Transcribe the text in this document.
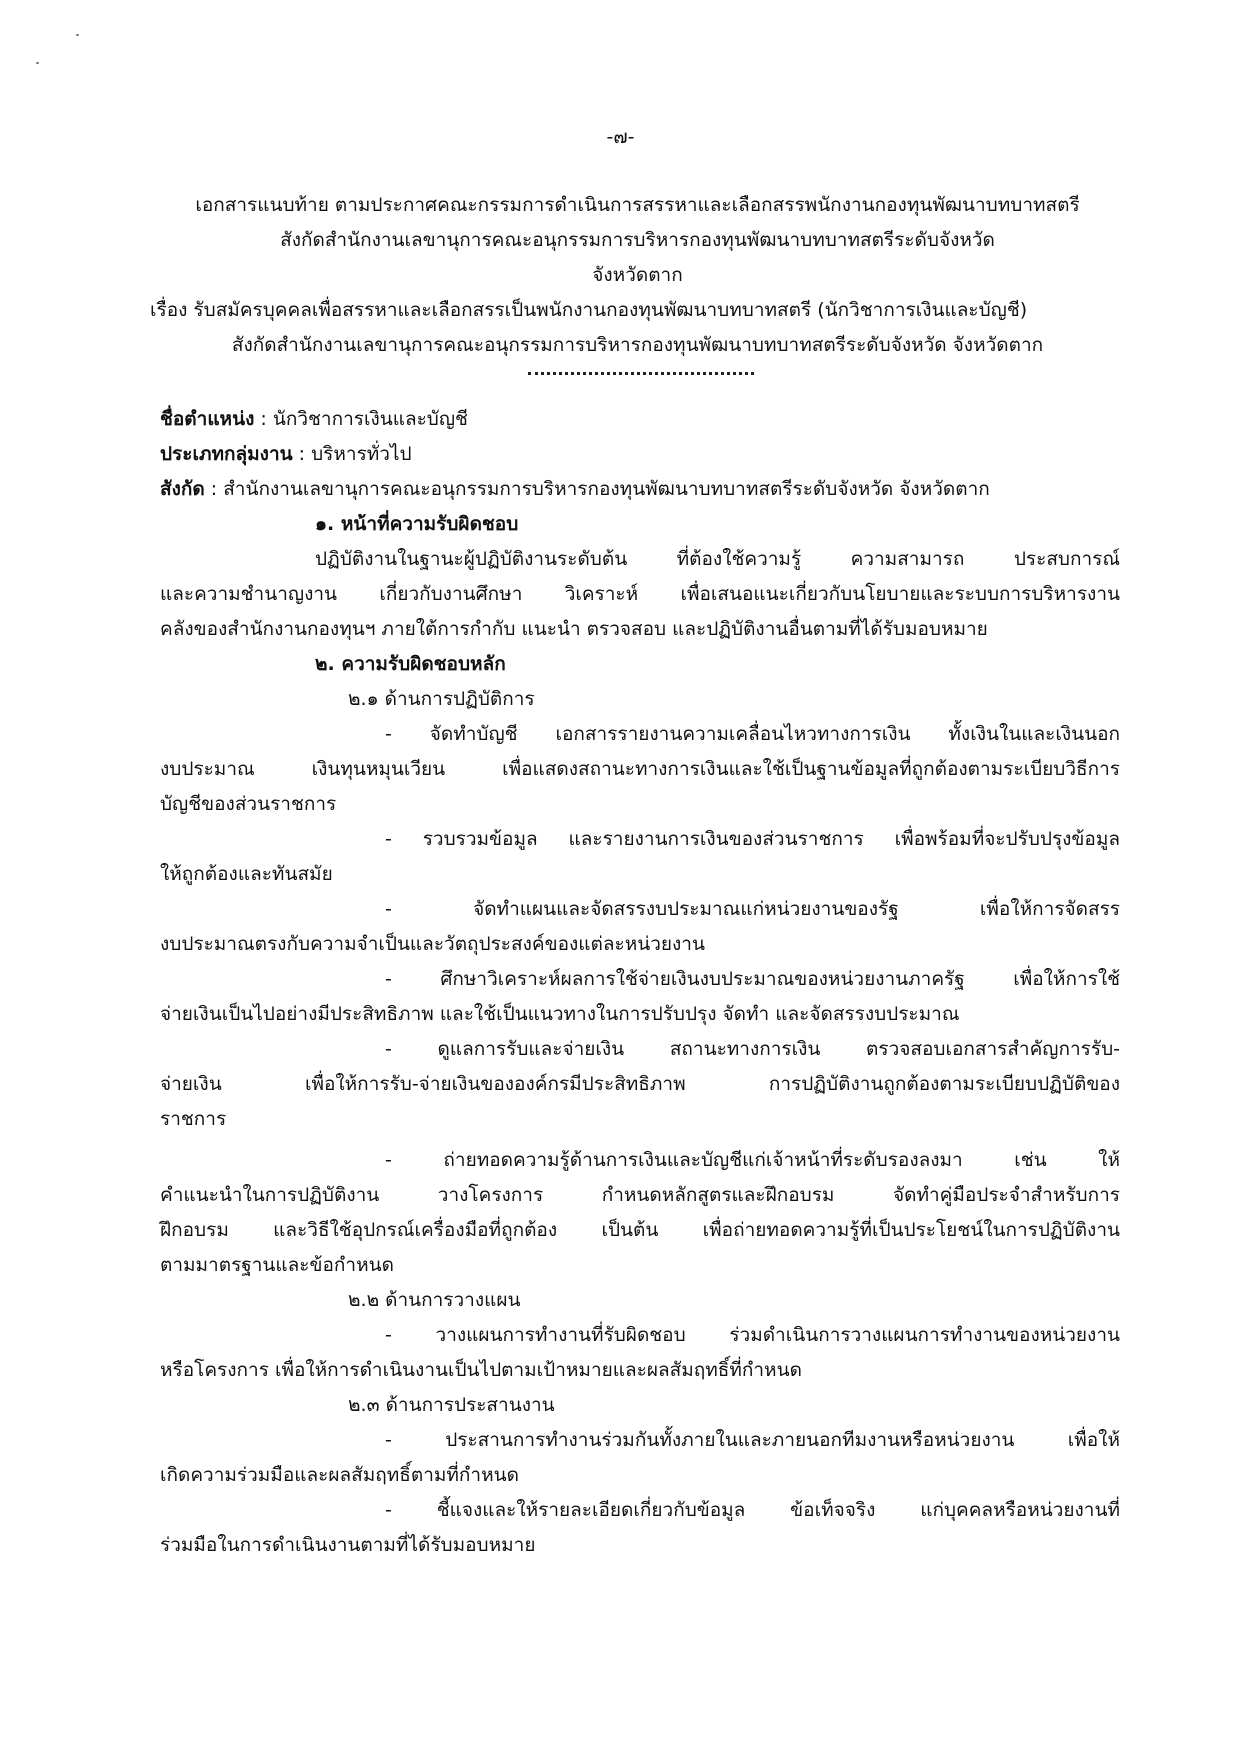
-๗-
เอกสารแนบท้าย ตามประกาศคณะกรรมการดำเนินการสรรหาและเลือกสรรพนักงานกองทุนพัฒนาบทบาทสตรี
สังกัดสำนักงานเลขานุการคณะอนุกรรมการบริหารกองทุนพัฒนาบทบาทสตรีระดับจังหวัด
จังหวัดตาก
เรื่อง รับสมัครบุคคลเพื่อสรรหาและเลือกสรรเป็นพนักงานกองทุนพัฒนาบทบาทสตรี (นักวิชาการเงินและบัญชี)
สังกัดสำนักงานเลขานุการคณะอนุกรรมการบริหารกองทุนพัฒนาบทบาทสตรีระดับจังหวัด จังหวัดตาก
ชื่อตำแหน่ง : นักวิชาการเงินและบัญชี
ประเภทกลุ่มงาน : บริหารทั่วไป
สังกัด : สำนักงานเลขานุการคณะอนุกรรมการบริหารกองทุนพัฒนาบทบาทสตรีระดับจังหวัด จังหวัดตาก
๑. หน้าที่ความรับผิดชอบ
ปฏิบัติงานในฐานะผู้ปฏิบัติงานระดับต้น ที่ต้องใช้ความรู้ ความสามารถ ประสบการณ์
และความชำนาญงาน เกี่ยวกับงานศึกษา วิเคราะห์ เพื่อเสนอแนะเกี่ยวกับนโยบายและระบบการบริหารงาน
คลังของสำนักงานกองทุนฯ ภายใต้การกำกับ แนะนำ ตรวจสอบ และปฏิบัติงานอื่นตามที่ได้รับมอบหมาย
๒. ความรับผิดชอบหลัก
๒.๑ ด้านการปฏิบัติการ
- จัดทำบัญชี เอกสารรายงานความเคลื่อนไหวทางการเงิน ทั้งเงินในและเงินนอก
งบประมาณ เงินทุนหมุนเวียน เพื่อแสดงสถานะทางการเงินและใช้เป็นฐานข้อมูลที่ถูกต้องตามระเบียบวิธีการ
บัญชีของส่วนราชการ
- รวบรวมข้อมูล และรายงานการเงินของส่วนราชการ เพื่อพร้อมที่จะปรับปรุงข้อมูล
ให้ถูกต้องและทันสมัย
- จัดทำแผนและจัดสรรงบประมาณแก่หน่วยงานของรัฐ เพื่อให้การจัดสรร
งบประมาณตรงกับความจำเป็นและวัตถุประสงค์ของแต่ละหน่วยงาน
- ศึกษาวิเคราะห์ผลการใช้จ่ายเงินงบประมาณของหน่วยงานภาครัฐ เพื่อให้การใช้
จ่ายเงินเป็นไปอย่างมีประสิทธิภาพ และใช้เป็นแนวทางในการปรับปรุง จัดทำ และจัดสรรงบประมาณ
- ดูแลการรับและจ่ายเงิน สถานะทางการเงิน ตรวจสอบเอกสารสำคัญการรับ-
จ่ายเงิน เพื่อให้การรับ-จ่ายเงินขององค์กรมีประสิทธิภาพ การปฏิบัติงานถูกต้องตามระเบียบปฏิบัติของ
ราชการ
- ถ่ายทอดความรู้ด้านการเงินและบัญชีแก่เจ้าหน้าที่ระดับรองลงมา เช่น ให้
คำแนะนำในการปฏิบัติงาน วางโครงการ กำหนดหลักสูตรและฝึกอบรม จัดทำคู่มือประจำสำหรับการ
ฝึกอบรม และวิธีใช้อุปกรณ์เครื่องมือที่ถูกต้อง เป็นต้น เพื่อถ่ายทอดความรู้ที่เป็นประโยชน์ในการปฏิบัติงาน
ตามมาตรฐานและข้อกำหนด
๒.๒ ด้านการวางแผน
- วางแผนการทำงานที่รับผิดชอบ ร่วมดำเนินการวางแผนการทำงานของหน่วยงาน
หรือโครงการ เพื่อให้การดำเนินงานเป็นไปตามเป้าหมายและผลสัมฤทธิ์ที่กำหนด
๒.๓ ด้านการประสานงาน
- ประสานการทำงานร่วมกันทั้งภายในและภายนอกทีมงานหรือหน่วยงาน เพื่อให้
เกิดความร่วมมือและผลสัมฤทธิ์ตามที่กำหนด
- ชี้แจงและให้รายละเอียดเกี่ยวกับข้อมูล ข้อเท็จจริง แก่บุคคลหรือหน่วยงานที่
ร่วมมือในการดำเนินงานตามที่ได้รับมอบหมาย
